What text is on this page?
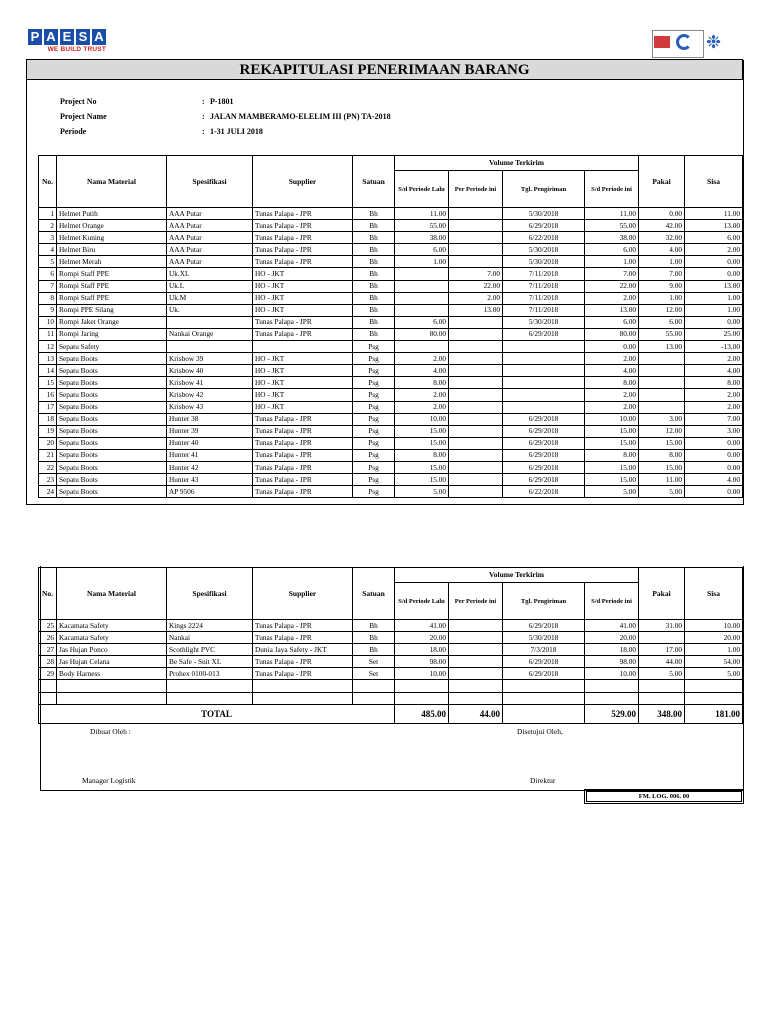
P A E S A
WE BUILD TRUST	❉
REKAPITULASI PENERIMAAN BARANG
Project No	: P-1801
Project Name	: JALAN MAMBERAMO-ELELIM III (PN) TA-2018
Periode	: 1-31 JULI 2018
No.	Nama Material	Spesifikasi	Supplier	Satuan	Volume Terkirim				Pakai	Sisa
					S/d Periode Lalu	Per Periode ini	Tgl. Pengiriman	S/d Periode ini		
1	Helmet Putih	AAA Putar	Tunas Palapa - JPR	Bh	11.00		5/30/2018	11.00	0.00	11.00
2	Helmet Orange	AAA Putar	Tunas Palapa - JPR	Bh	55.00		6/29/2018	55.00	42.00	13.00
3	Helmet Kuning	AAA Putar	Tunas Palapa - JPR	Bh	38.00		6/22/2018	38.00	32.00	6.00
4	Helmet Biru	AAA Putar	Tunas Palapa - JPR	Bh	6.00		5/30/2018	6.00	4.00	2.00
5	Helmet Merah	AAA Putar	Tunas Palapa - JPR	Bh	1.00		5/30/2018	1.00	1.00	0.00
6	Rompi Staff PPE	Uk.XL	HO - JKT	Bh		7.00	7/11/2018	7.00	7.00	0.00
7	Rompi Staff PPE	Uk.L	HO - JKT	Bh		22.00	7/11/2018	22.00	9.00	13.00
8	Rompi Staff PPE	Uk.M	HO - JKT	Bh		2.00	7/11/2018	2.00	1.00	1.00
9	Rompi PPE Silang	Uk.	HO - JKT	Bh		13.00	7/11/2018	13.00	12.00	1.00
10	Rompi Jaket Orange		Tunas Palapa - JPR	Bh	6.00		5/30/2018	6.00	6.00	0.00
11	Rompi Jaring	Nankai Orange	Tunas Palapa - JPR	Bh	80.00		6/29/2018	80.00	55.00	25.00
12	Sepatu Safety			Psg				0.00	13.00	-13.00
13	Sepatu Boots	Krisbow 39	HO - JKT	Psg	2.00			2.00		2.00
14	Sepatu Boots	Krisbow 40	HO - JKT	Psg	4.00			4.00		4.00
15	Sepatu Boots	Krisbow 41	HO - JKT	Psg	8.00			8.00		8.00
16	Sepatu Boots	Krisbow 42	HO - JKT	Psg	2.00			2.00		2.00
17	Sepatu Boots	Krisbow 43	HO - JKT	Psg	2.00			2.00		2.00
18	Sepatu Boots	Hunter 38	Tunas Palapa - JPR	Psg	10.00		6/29/2018	10.00	3.00	7.00
19	Sepatu Boots	Hunter 39	Tunas Palapa - JPR	Psg	15.00		6/29/2018	15.00	12.00	3.00
20	Sepatu Boots	Hunter 40	Tunas Palapa - JPR	Psg	15.00		6/29/2018	15.00	15.00	0.00
21	Sepatu Boots	Hunter 41	Tunas Palapa - JPR	Psg	8.00		6/29/2018	8.00	8.00	0.00
22	Sepatu Boots	Hunter 42	Tunas Palapa - JPR	Psg	15.00		6/29/2018	15.00	15.00	0.00
23	Sepatu Boots	Hunter 43	Tunas Palapa - JPR	Psg	15.00		6/29/2018	15.00	11.00	4.00
24	Sepatu Boots	AP 9506	Tunas Palapa - JPR	Psg	5.00		6/22/2018	5.00	5.00	0.00
No.	Nama Material	Spesifikasi	Supplier	Satuan	Volume Terkirim				Pakai	Sisa
					S/d Periode Lalu	Per Periode ini	Tgl. Pengiriman	S/d Periode ini		
25	Kacamata Safety	Kings 2224	Tunas Palapa - JPR	Bh	41.00		6/29/2018	41.00	31.00	10.00
26	Kacamata Safety	Nankai	Tunas Palapa - JPR	Bh	20.00		5/30/2018	20.00		20.00
27	Jas Hujan Ponco	Scothlight PVC	Dunia Jaya Safety - JKT	Bh	18.00		7/3/2018	18.00	17.00	1.00
28	Jas Hujan Celana	Be Safe - Suit XL	Tunas Palapa - JPR	Set	98.00		6/29/2018	98.00	44.00	54.00
29	Body Harness	Prohex 0100-013	Tunas Palapa - JPR	Set	10.00		6/29/2018	10.00	5.00	5.00

TOTAL					485.00	44.00		529.00	348.00	181.00
Dibuat Oleh :	Disetujui Oleh,
Manager Logistik	Direktur
FM. LOG. 006. 00
